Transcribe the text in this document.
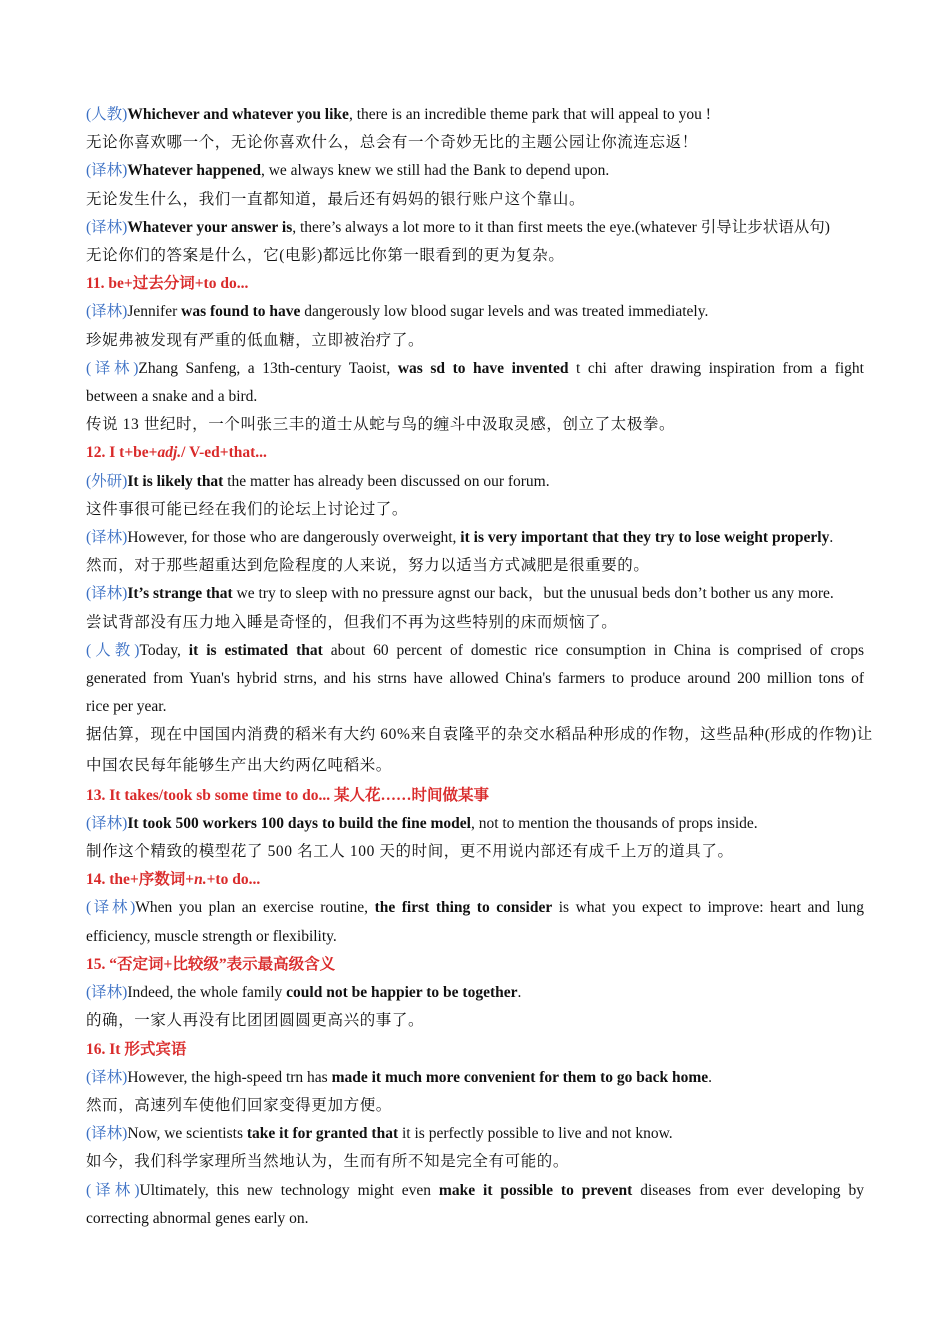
(人教)Whichever and whatever you like, there is an incredible theme park that will appeal to you !

无论你喜欢哪一个，无论你喜欢什么，总会有一个奇妙无比的主题公园让你流连忘返！

(译林)Whatever happened, we always knew we still had the Bank to depend upon.

无论发生什么，我们一直都知道，最后还有妈妈的银行账户这个靠山。

(译林)Whatever your answer is, there’s always a lot more to it than first meets the eye.(whatever 引导让步状语从句)

无论你们的答案是什么，它(电影)都远比你第一眼看到的更为复杂。

11. be+过去分词+to do...

(译林)Jennifer was found to have dangerously low blood sugar levels and was treated immediately.

珍妮弗被发现有严重的低血糖，立即被治疗了。

(译林)Zhang Sanfeng, a 13th-century Taoist, was sd to have invented t chi after drawing inspiration from a fight

between a snake and a bird.

传说 13 世纪时，一个叫张三丰的道士从蛇与鸟的缠斗中汲取灵感，创立了太极拳。

12. I t+be+adj./ V-ed+that...

(外研)It is likely that the matter has already been discussed on our forum.

这件事很可能已经在我们的论坛上讨论过了。

(译林)However, for those who are dangerously overweight, it is very important that they try to lose weight properly.

然而，对于那些超重达到危险程度的人来说，努力以适当方式减肥是很重要的。

(译林)It’s strange that we try to sleep with no pressure agnst our back，but the unusual beds don’t bother us any more.

尝试背部没有压力地入睡是奇怪的，但我们不再为这些特别的床而烦恼了。

(人教)Today, it is estimated that about 60 percent of domestic rice consumption in China is comprised of crops

generated from Yuan's hybrid strns, and his strns have allowed China's farmers to produce around 200 million tons of

rice per year.

据估算，现在中国国内消费的稻米有大约 60%来自袁隆平的杂交水稻品种形成的作物，这些品种(形成的作物)让

中国农民每年能够生产出大约两亿吨稻米。

13. It takes/took sb some time to do... 某人花……时间做某事

(译林)It took 500 workers 100 days to build the fine model, not to mention the thousands of props inside.

制作这个精致的模型花了 500 名工人 100 天的时间，更不用说内部还有成千上万的道具了。

14. the+序数词+n.+to do...

(译林)When you plan an exercise routine, the first thing to consider is what you expect to improve: heart and lung

efficiency, muscle strength or flexibility.

15. “否定词+比较级”表示最高级含义

(译林)Indeed, the whole family could not be happier to be together.

的确，一家人再没有比团团圆圆更高兴的事了。

16. It 形式宾语

(译林)However, the high-speed trn has made it much more convenient for them to go back home.

然而，高速列车使他们回家变得更加方便。

(译林)Now, we scientists take it for granted that it is perfectly possible to live and not know.

如今，我们科学家理所当然地认为，生而有所不知是完全有可能的。

(译林)Ultimately, this new technology might even make it possible to prevent diseases from ever developing by

correcting abnormal genes early on.
